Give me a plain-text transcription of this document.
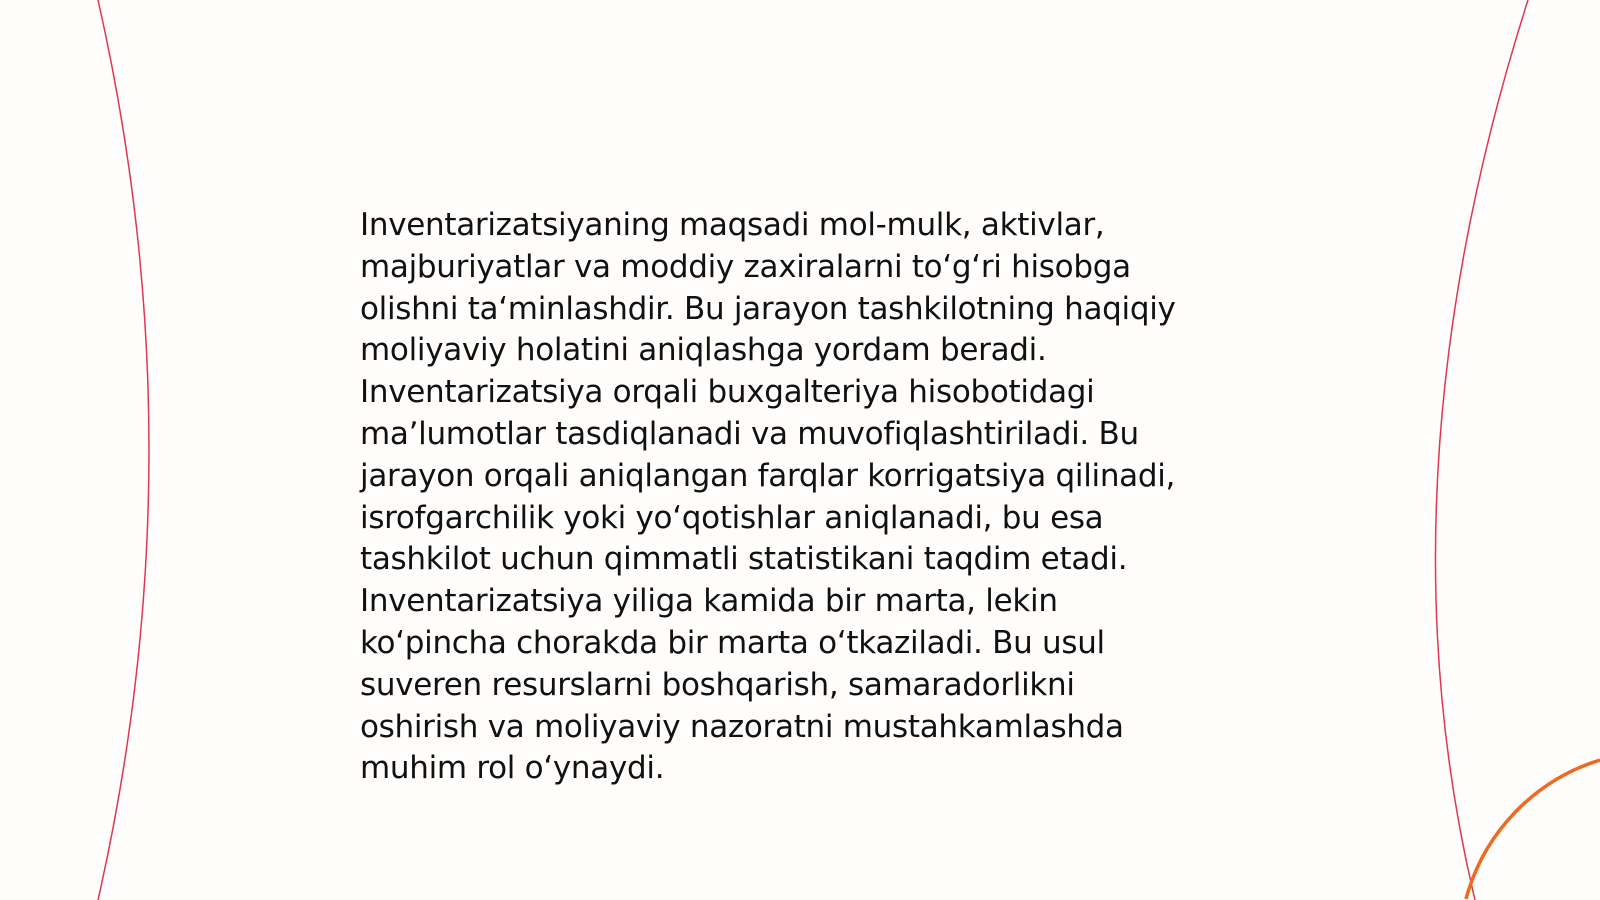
Inventarizatsiyaning maqsadi mol-mulk, aktivlar,
majburiyatlar va moddiy zaxiralarni to‘g‘ri hisobga
olishni ta‘minlashdir. Bu jarayon tashkilotning haqiqiy
moliyaviy holatini aniqlashga yordam beradi.
Inventarizatsiya orqali buxgalteriya hisobotidagi
ma’lumotlar tasdiqlanadi va muvofiqlashtiriladi. Bu
jarayon orqali aniqlangan farqlar korrigatsiya qilinadi,
isrofgarchilik yoki yo‘qotishlar aniqlanadi, bu esa
tashkilot uchun qimmatli statistikani taqdim etadi.
Inventarizatsiya yiliga kamida bir marta, lekin
ko‘pincha chorakda bir marta o‘tkaziladi. Bu usul
suveren resurslarni boshqarish, samaradorlikni
oshirish va moliyaviy nazoratni mustahkamlashda
muhim rol o‘ynaydi.
